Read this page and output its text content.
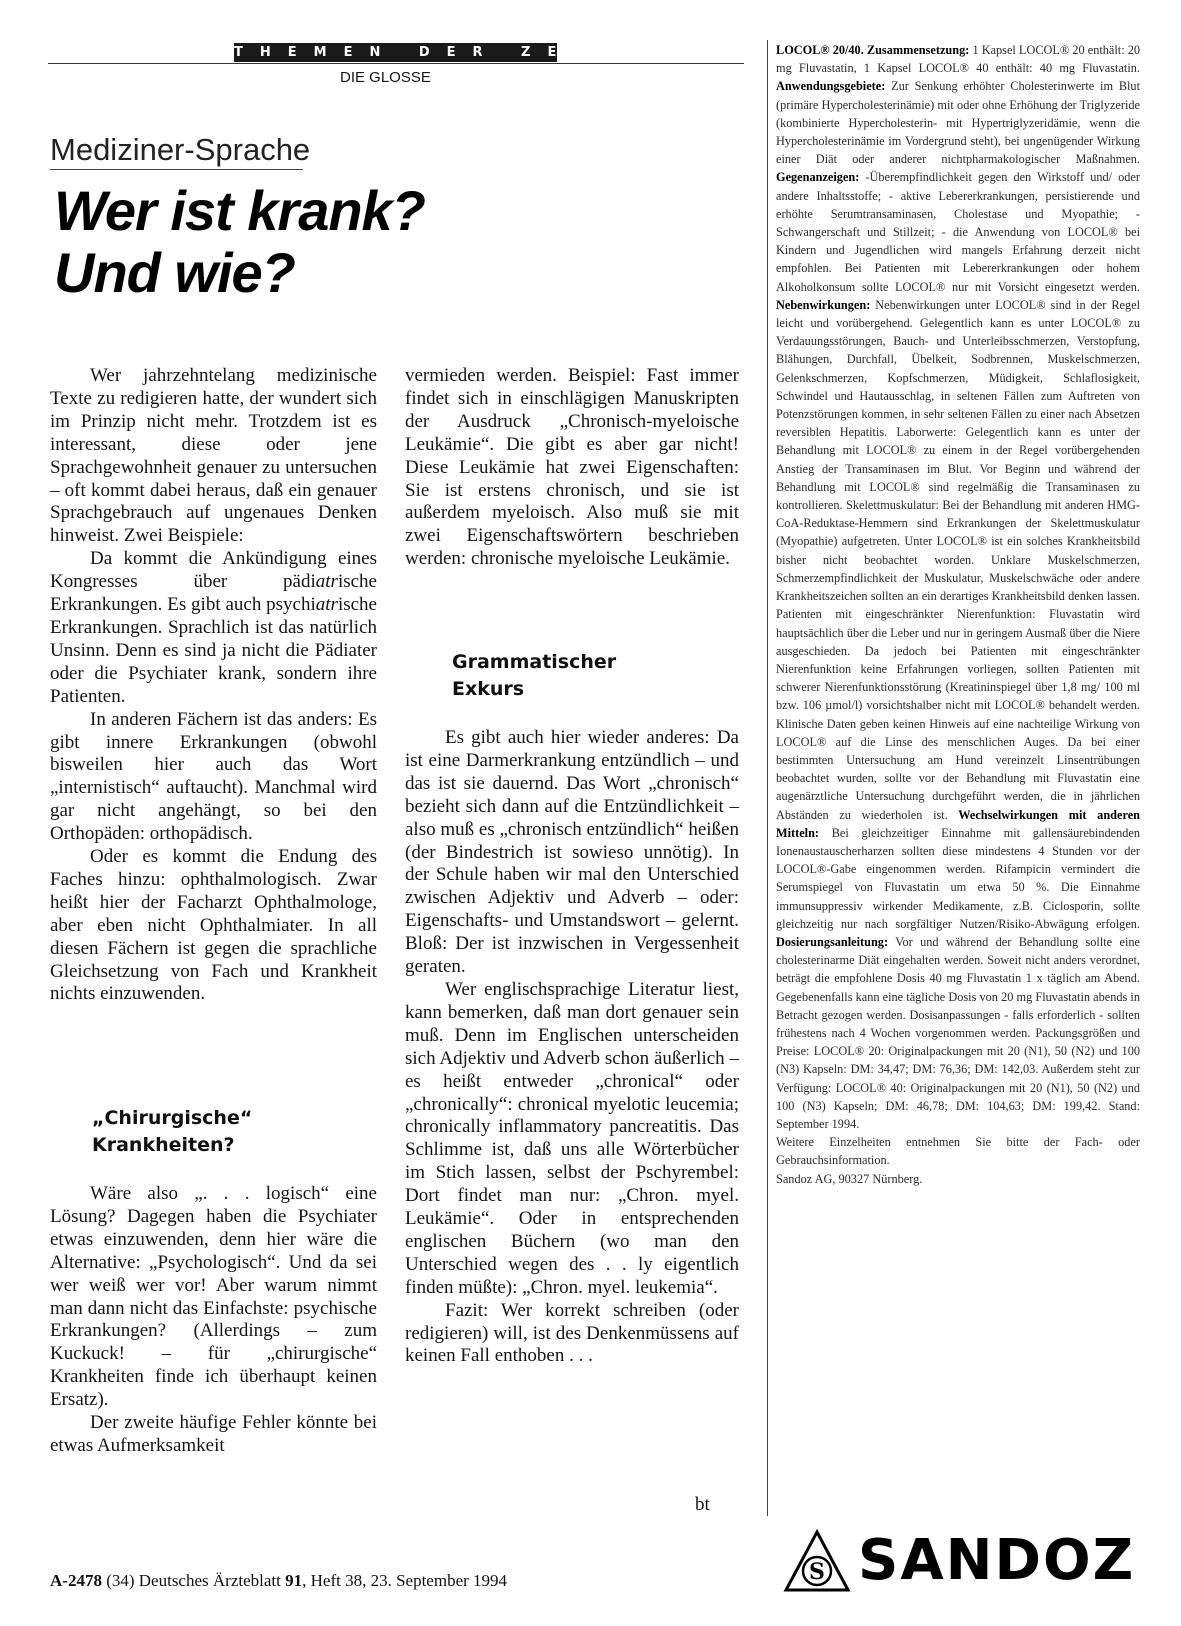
THEMEN DER ZEIT
DIE GLOSSE
Mediziner-Sprache
Wer ist krank?
Und wie?

Wer jahrzehntelang medizinische Texte zu redigieren hatte, der wundert sich im Prinzip nicht mehr. Trotzdem ist es interessant, diese oder jene Sprachgewohnheit genauer zu untersuchen – oft kommt dabei heraus, daß ein genauer Sprachgebrauch auf ungenaues Denken hinweist. Zwei Beispiele:

Da kommt die Ankündigung eines Kongresses über pädiatrische Erkrankungen. Es gibt auch psychiatrische Erkrankungen. Sprachlich ist das natürlich Unsinn. Denn es sind ja nicht die Pädiater oder die Psychiater krank, sondern ihre Patienten.

In anderen Fächern ist das anders: Es gibt innere Erkrankungen (obwohl bisweilen hier auch das Wort „internistisch“ auftaucht). Manchmal wird gar nicht angehängt, so bei den Orthopäden: orthopädisch.

Oder es kommt die Endung des Faches hinzu: ophthalmologisch. Zwar heißt hier der Facharzt Ophthalmologe, aber eben nicht Ophthalmiater. In all diesen Fächern ist gegen die sprachliche Gleichsetzung von Fach und Krankheit nichts einzuwenden.

„Chirurgische“
Krankheiten?

Wäre also „. . . logisch“ eine Lösung? Dagegen haben die Psychiater etwas einzuwenden, denn hier wäre die Alternative: „Psychologisch“. Und da sei wer weiß wer vor! Aber warum nimmt man dann nicht das Einfachste: psychische Erkrankungen? (Allerdings – zum Kuckuck! – für „chirurgische“ Krankheiten finde ich überhaupt keinen Ersatz).

Der zweite häufige Fehler könnte bei etwas Aufmerksamkeit

vermieden werden. Beispiel: Fast immer findet sich in einschlägigen Manuskripten der Ausdruck „Chronisch-myeloische Leukämie“. Die gibt es aber gar nicht! Diese Leukämie hat zwei Eigenschaften: Sie ist erstens chronisch, und sie ist außerdem myeloisch. Also muß sie mit zwei Eigenschaftswörtern beschrieben werden: chronische myeloische Leukämie.

Grammatischer
Exkurs

Es gibt auch hier wieder anderes: Da ist eine Darmerkrankung entzündlich – und das ist sie dauernd. Das Wort „chronisch“ bezieht sich dann auf die Entzündlichkeit – also muß es „chronisch entzündlich“ heißen (der Bindestrich ist sowieso unnötig). In der Schule haben wir mal den Unterschied zwischen Adjektiv und Adverb – oder: Eigenschafts- und Umstandswort – gelernt. Bloß: Der ist inzwischen in Vergessenheit geraten.

Wer englischsprachige Literatur liest, kann bemerken, daß man dort genauer sein muß. Denn im Englischen unterscheiden sich Adjektiv und Adverb schon äußerlich – es heißt entweder „chronical“ oder „chronically“: chronical myelotic leucemia; chronically inflammatory pancreatitis. Das Schlimme ist, daß uns alle Wörterbücher im Stich lassen, selbst der Pschyrembel: Dort findet man nur: „Chron. myel. Leukämie“. Oder in entsprechenden englischen Büchern (wo man den Unterschied wegen des . . ly eigentlich finden müßte): „Chron. myel. leukemia“.

Fazit: Wer korrekt schreiben (oder redigieren) will, ist des Denkenmüssens auf keinen Fall enthoben . . .

bt

LOCOL® 20/40. Zusammensetzung: 1 Kapsel LOCOL® 20 enthält: 20 mg Fluvastatin, 1 Kapsel LOCOL® 40 enthält: 40 mg Fluvastatin. Anwendungsgebiete: Zur Senkung erhöhter Cholesterinwerte im Blut (primäre Hypercholesterinämie) mit oder ohne Erhöhung der Triglyzeride (kombinierte Hypercholesterin- mit Hypertriglyzeridämie, wenn die Hypercholesterinämie im Vordergrund steht), bei ungenügender Wirkung einer Diät oder anderer nichtpharmakologischer Maßnahmen. Gegenanzeigen: -Überempfindlichkeit gegen den Wirkstoff und/ oder andere Inhaltsstoffe; - aktive Lebererkrankungen, persistierende und erhöhte Serumtransaminasen, Cholestase und Myopathie; -Schwangerschaft und Stillzeit; - die Anwendung von LOCOL® bei Kindern und Jugendlichen wird mangels Erfahrung derzeit nicht empfohlen. Bei Patienten mit Lebererkrankungen oder hohem Alkoholkonsum sollte LOCOL® nur mit Vorsicht eingesetzt werden. Nebenwirkungen: Nebenwirkungen unter LOCOL® sind in der Regel leicht und vorübergehend. Gelegentlich kann es unter LOCOL® zu Verdauungsstörungen, Bauch- und Unterleibsschmerzen, Verstopfung, Blähungen, Durchfall, Übelkeit, Sodbrennen, Muskelschmerzen, Gelenkschmerzen, Kopfschmerzen, Müdigkeit, Schlaflosigkeit, Schwindel und Hautausschlag, in seltenen Fällen zum Auftreten von Potenzstörungen kommen, in sehr seltenen Fällen zu einer nach Absetzen reversiblen Hepatitis. Laborwerte: Gelegentlich kann es unter der Behandlung mit LOCOL® zu einem in der Regel vorübergehenden Anstieg der Transaminasen im Blut. Vor Beginn und während der Behandlung mit LOCOL® sind regelmäßig die Transaminasen zu kontrollieren. Skelettmuskulatur: Bei der Behandlung mit anderen HMG-CoA-Reduktase-Hemmern sind Erkrankungen der Skelettmuskulatur (Myopathie) aufgetreten. Unter LOCOL® ist ein solches Krankheitsbild bisher nicht beobachtet worden. Unklare Muskelschmerzen, Schmerzempfindlichkeit der Muskulatur, Muskelschwäche oder andere Krankheitszeichen sollten an ein derartiges Krankheitsbild denken lassen. Patienten mit eingeschränkter Nierenfunktion: Fluvastatin wird hauptsächlich über die Leber und nur in geringem Ausmaß über die Niere ausgeschieden. Da jedoch bei Patienten mit eingeschränkter Nierenfunktion keine Erfahrungen vorliegen, sollten Patienten mit schwerer Nierenfunktionsstörung (Kreatininspiegel über 1,8 mg/ 100 ml bzw. 106 µmol/l) vorsichtshalber nicht mit LOCOL® behandelt werden. Klinische Daten geben keinen Hinweis auf eine nachteilige Wirkung von LOCOL® auf die Linse des menschlichen Auges. Da bei einer bestimmten Untersuchung am Hund vereinzelt Linsentrübungen beobachtet wurden, sollte vor der Behandlung mit Fluvastatin eine augenärztliche Untersuchung durchgeführt werden, die in jährlichen Abständen zu wiederholen ist. Wechselwirkungen mit anderen Mitteln: Bei gleichzeitiger Einnahme mit gallensäurebindenden Ionenaustauscherharzen sollten diese mindestens 4 Stunden vor der LOCOL®-Gabe eingenommen werden. Rifampicin vermindert die Serumspiegel von Fluvastatin um etwa 50 %. Die Einnahme immunsuppressiv wirkender Medikamente, z.B. Ciclosporin, sollte gleichzeitig nur nach sorgfältiger Nutzen/Risiko-Abwägung erfolgen. Dosierungsanleitung: Vor und während der Behandlung sollte eine cholesterinarme Diät eingehalten werden. Soweit nicht anders verordnet, beträgt die empfohlene Dosis 40 mg Fluvastatin 1 x täglich am Abend. Gegebenenfalls kann eine tägliche Dosis von 20 mg Fluvastatin abends in Betracht gezogen werden. Dosisanpassungen - falls erforderlich - sollten frühestens nach 4 Wochen vorgenommen werden. Packungsgrößen und Preise: LOCOL® 20: Originalpackungen mit 20 (N1), 50 (N2) und 100 (N3) Kapseln: DM: 34,47; DM: 76,36; DM: 142,03. Außerdem steht zur Verfügung: LOCOL® 40: Originalpackungen mit 20 (N1), 50 (N2) und 100 (N3) Kapseln; DM: 46,78; DM: 104,63; DM: 199,42. Stand: September 1994.

Weitere Einzelheiten entnehmen Sie bitte der Fach- oder Gebrauchsinformation.

Sandoz AG, 90327 Nürnberg.

S SANDOZ
A-2478 (34) Deutsches Ärzteblatt 91, Heft 38, 23. September 1994
